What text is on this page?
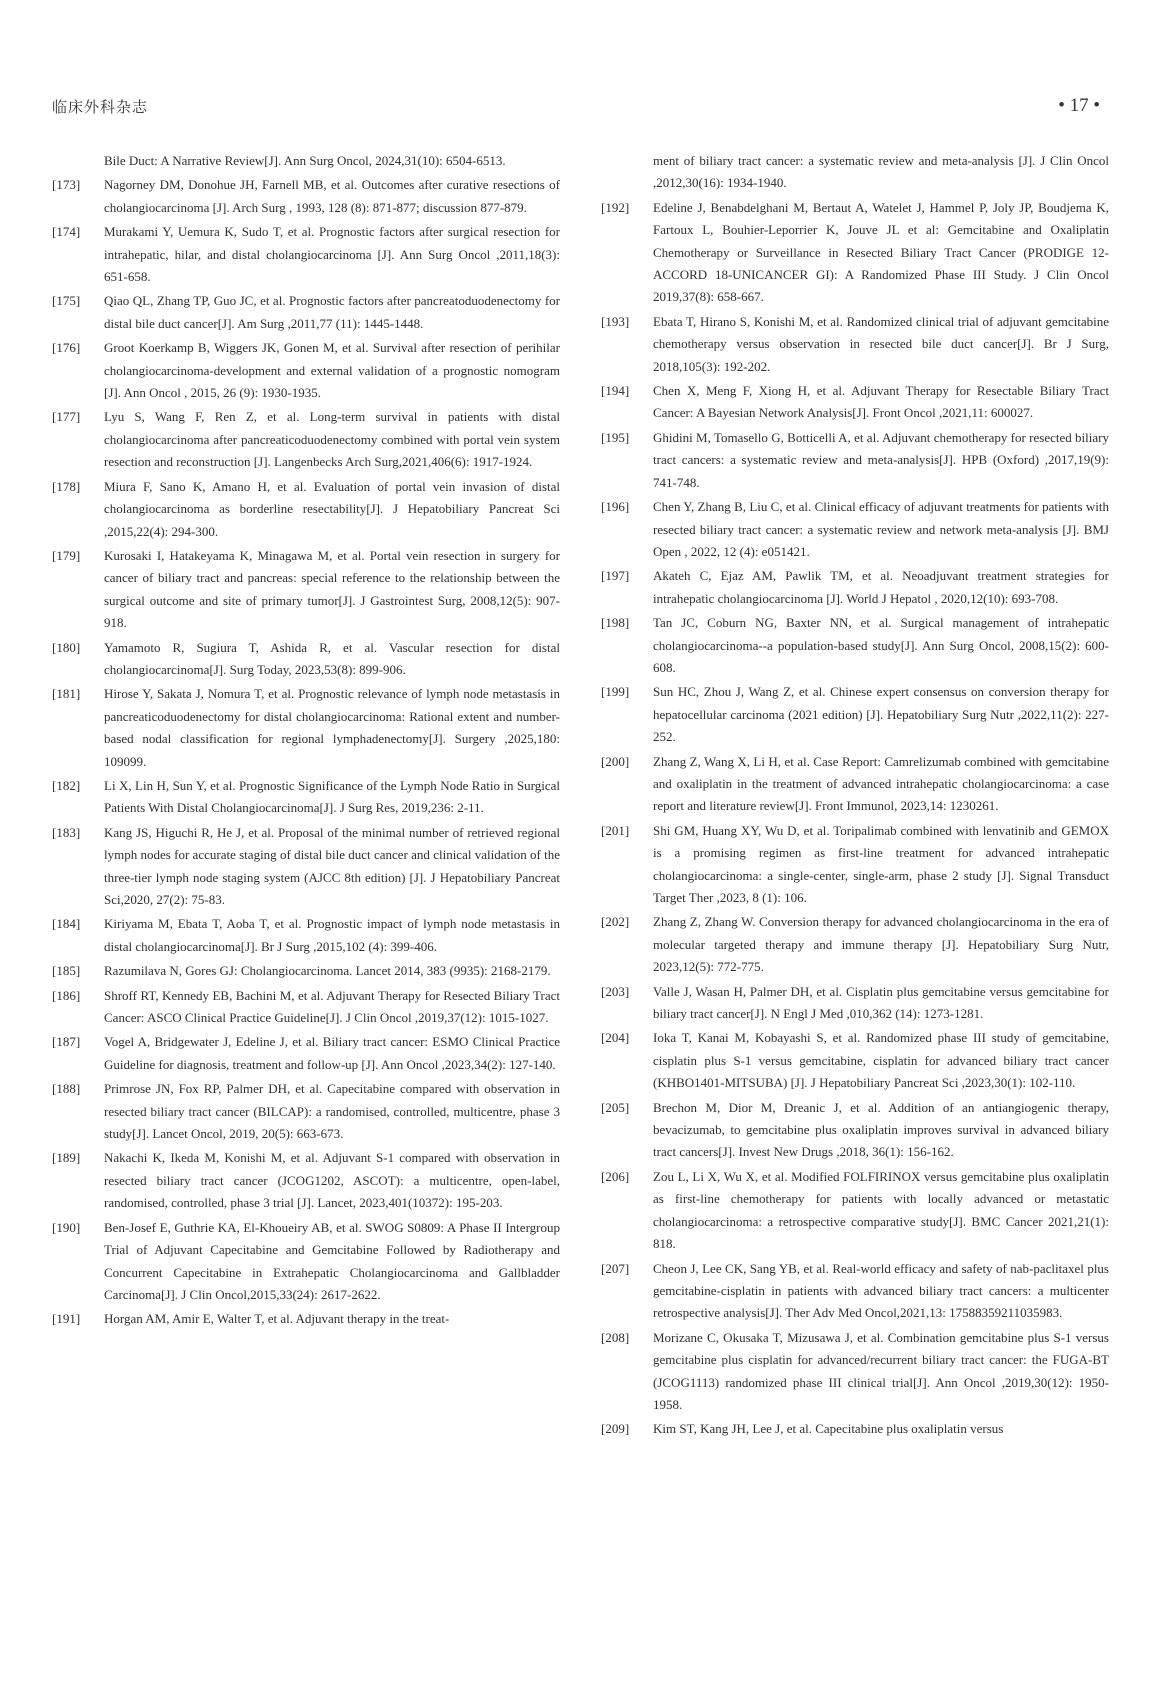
临床外科杂志	• 17 •
Bile Duct: A Narrative Review[J]. Ann Surg Oncol, 2024,31(10): 6504-6513.
[173] Nagorney DM, Donohue JH, Farnell MB, et al. Outcomes after curative resections of cholangiocarcinoma [J]. Arch Surg , 1993, 128 (8): 871-877; discussion 877-879.
[174] Murakami Y, Uemura K, Sudo T, et al. Prognostic factors after surgical resection for intrahepatic, hilar, and distal cholangiocarcinoma [J]. Ann Surg Oncol ,2011,18(3): 651-658.
[175] Qiao QL, Zhang TP, Guo JC, et al. Prognostic factors after pancreatoduodenectomy for distal bile duct cancer[J]. Am Surg ,2011,77 (11): 1445-1448.
[176] Groot Koerkamp B, Wiggers JK, Gonen M, et al. Survival after resection of perihilar cholangiocarcinoma-development and external validation of a prognostic nomogram [J]. Ann Oncol , 2015, 26 (9): 1930-1935.
[177] Lyu S, Wang F, Ren Z, et al. Long-term survival in patients with distal cholangiocarcinoma after pancreaticoduodenectomy combined with portal vein system resection and reconstruction [J]. Langenbecks Arch Surg,2021,406(6): 1917-1924.
[178] Miura F, Sano K, Amano H, et al. Evaluation of portal vein invasion of distal cholangiocarcinoma as borderline resectability[J]. J Hepatobiliary Pancreat Sci ,2015,22(4): 294-300.
[179] Kurosaki I, Hatakeyama K, Minagawa M, et al. Portal vein resection in surgery for cancer of biliary tract and pancreas: special reference to the relationship between the surgical outcome and site of primary tumor[J]. J Gastrointest Surg, 2008,12(5): 907-918.
[180] Yamamoto R, Sugiura T, Ashida R, et al. Vascular resection for distal cholangiocarcinoma[J]. Surg Today, 2023,53(8): 899-906.
[181] Hirose Y, Sakata J, Nomura T, et al. Prognostic relevance of lymph node metastasis in pancreaticoduodenectomy for distal cholangiocarcinoma: Rational extent and number-based nodal classification for regional lymphadenectomy[J]. Surgery ,2025,180: 109099.
[182] Li X, Lin H, Sun Y, et al. Prognostic Significance of the Lymph Node Ratio in Surgical Patients With Distal Cholangiocarcinoma[J]. J Surg Res, 2019,236: 2-11.
[183] Kang JS, Higuchi R, He J, et al. Proposal of the minimal number of retrieved regional lymph nodes for accurate staging of distal bile duct cancer and clinical validation of the three-tier lymph node staging system (AJCC 8th edition) [J]. J Hepatobiliary Pancreat Sci,2020, 27(2): 75-83.
[184] Kiriyama M, Ebata T, Aoba T, et al. Prognostic impact of lymph node metastasis in distal cholangiocarcinoma[J]. Br J Surg ,2015,102 (4): 399-406.
[185] Razumilava N, Gores GJ: Cholangiocarcinoma. Lancet 2014, 383 (9935): 2168-2179.
[186] Shroff RT, Kennedy EB, Bachini M, et al. Adjuvant Therapy for Resected Biliary Tract Cancer: ASCO Clinical Practice Guideline[J]. J Clin Oncol ,2019,37(12): 1015-1027.
[187] Vogel A, Bridgewater J, Edeline J, et al. Biliary tract cancer: ESMO Clinical Practice Guideline for diagnosis, treatment and follow-up [J]. Ann Oncol ,2023,34(2): 127-140.
[188] Primrose JN, Fox RP, Palmer DH, et al. Capecitabine compared with observation in resected biliary tract cancer (BILCAP): a randomised, controlled, multicentre, phase 3 study[J]. Lancet Oncol, 2019, 20(5): 663-673.
[189] Nakachi K, Ikeda M, Konishi M, et al. Adjuvant S-1 compared with observation in resected biliary tract cancer (JCOG1202, ASCOT): a multicentre, open-label, randomised, controlled, phase 3 trial [J]. Lancet, 2023,401(10372): 195-203.
[190] Ben-Josef E, Guthrie KA, El-Khoueiry AB, et al. SWOG S0809: A Phase II Intergroup Trial of Adjuvant Capecitabine and Gemcitabine Followed by Radiotherapy and Concurrent Capecitabine in Extrahepatic Cholangiocarcinoma and Gallbladder Carcinoma[J]. J Clin Oncol,2015,33(24): 2617-2622.
[191] Horgan AM, Amir E, Walter T, et al. Adjuvant therapy in the treat-
ment of biliary tract cancer: a systematic review and meta-analysis [J]. J Clin Oncol ,2012,30(16): 1934-1940.
[192] Edeline J, Benabdelghani M, Bertaut A, Watelet J, Hammel P, Joly JP, Boudjema K, Fartoux L, Bouhier-Leporrier K, Jouve JL et al: Gemcitabine and Oxaliplatin Chemotherapy or Surveillance in Resected Biliary Tract Cancer (PRODIGE 12-ACCORD 18-UNICANCER GI): A Randomized Phase III Study. J Clin Oncol 2019,37(8): 658-667.
[193] Ebata T, Hirano S, Konishi M, et al. Randomized clinical trial of adjuvant gemcitabine chemotherapy versus observation in resected bile duct cancer[J]. Br J Surg, 2018,105(3): 192-202.
[194] Chen X, Meng F, Xiong H, et al. Adjuvant Therapy for Resectable Biliary Tract Cancer: A Bayesian Network Analysis[J]. Front Oncol ,2021,11: 600027.
[195] Ghidini M, Tomasello G, Botticelli A, et al. Adjuvant chemotherapy for resected biliary tract cancers: a systematic review and meta-analysis[J]. HPB (Oxford) ,2017,19(9): 741-748.
[196] Chen Y, Zhang B, Liu C, et al. Clinical efficacy of adjuvant treatments for patients with resected biliary tract cancer: a systematic review and network meta-analysis [J]. BMJ Open , 2022, 12 (4): e051421.
[197] Akateh C, Ejaz AM, Pawlik TM, et al. Neoadjuvant treatment strategies for intrahepatic cholangiocarcinoma [J]. World J Hepatol , 2020,12(10): 693-708.
[198] Tan JC, Coburn NG, Baxter NN, et al. Surgical management of intrahepatic cholangiocarcinoma--a population-based study[J]. Ann Surg Oncol, 2008,15(2): 600-608.
[199] Sun HC, Zhou J, Wang Z, et al. Chinese expert consensus on conversion therapy for hepatocellular carcinoma (2021 edition) [J]. Hepatobiliary Surg Nutr ,2022,11(2): 227-252.
[200] Zhang Z, Wang X, Li H, et al. Case Report: Camrelizumab combined with gemcitabine and oxaliplatin in the treatment of advanced intrahepatic cholangiocarcinoma: a case report and literature review[J]. Front Immunol, 2023,14: 1230261.
[201] Shi GM, Huang XY, Wu D, et al. Toripalimab combined with lenvatinib and GEMOX is a promising regimen as first-line treatment for advanced intrahepatic cholangiocarcinoma: a single-center, single-arm, phase 2 study [J]. Signal Transduct Target Ther ,2023, 8 (1): 106.
[202] Zhang Z, Zhang W. Conversion therapy for advanced cholangiocarcinoma in the era of molecular targeted therapy and immune therapy [J]. Hepatobiliary Surg Nutr, 2023,12(5): 772-775.
[203] Valle J, Wasan H, Palmer DH, et al. Cisplatin plus gemcitabine versus gemcitabine for biliary tract cancer[J]. N Engl J Med ,010,362 (14): 1273-1281.
[204] Ioka T, Kanai M, Kobayashi S, et al. Randomized phase III study of gemcitabine, cisplatin plus S-1 versus gemcitabine, cisplatin for advanced biliary tract cancer (KHBO1401-MITSUBA) [J]. J Hepatobiliary Pancreat Sci ,2023,30(1): 102-110.
[205] Brechon M, Dior M, Dreanic J, et al. Addition of an antiangiogenic therapy, bevacizumab, to gemcitabine plus oxaliplatin improves survival in advanced biliary tract cancers[J]. Invest New Drugs ,2018, 36(1): 156-162.
[206] Zou L, Li X, Wu X, et al. Modified FOLFIRINOX versus gemcitabine plus oxaliplatin as first-line chemotherapy for patients with locally advanced or metastatic cholangiocarcinoma: a retrospective comparative study[J]. BMC Cancer 2021,21(1): 818.
[207] Cheon J, Lee CK, Sang YB, et al. Real-world efficacy and safety of nab-paclitaxel plus gemcitabine-cisplatin in patients with advanced biliary tract cancers: a multicenter retrospective analysis[J]. Ther Adv Med Oncol,2021,13: 17588359211035983.
[208] Morizane C, Okusaka T, Mizusawa J, et al. Combination gemcitabine plus S-1 versus gemcitabine plus cisplatin for advanced/recurrent biliary tract cancer: the FUGA-BT (JCOG1113) randomized phase III clinical trial[J]. Ann Oncol ,2019,30(12): 1950-1958.
[209] Kim ST, Kang JH, Lee J, et al. Capecitabine plus oxaliplatin versus
